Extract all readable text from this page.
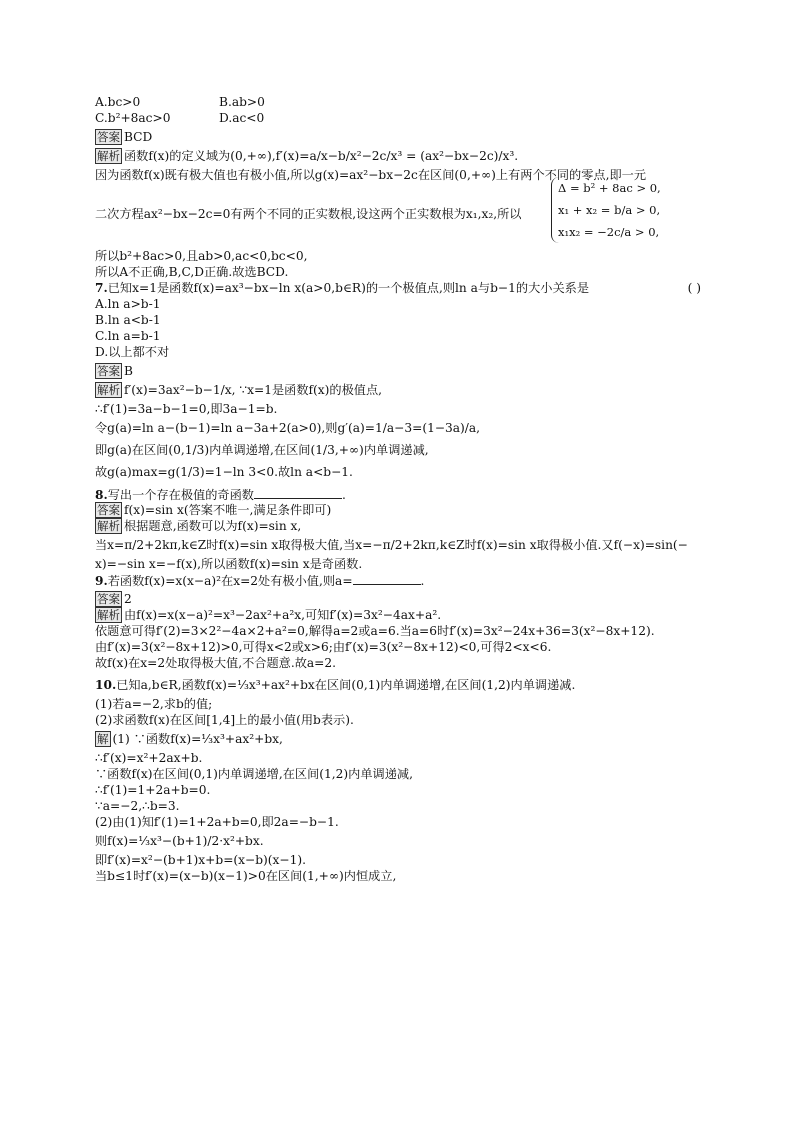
A.bc>0	B.ab>0
C.b²+8ac>0	D.ac<0
答案 BCD
解析 函数f(x)的定义域为(0,+∞),f′(x)=a/x−b/x²−2c/x³ = (ax²−bx−2c)/x³.
因为函数f(x)既有极大值也有极小值,所以g(x)=ax²−bx−2c在区间(0,+∞)上有两个不同的零点,即一元
二次方程ax²−bx−2c=0有两个不同的正实数根,设这两个正实数根为x₁,x₂,所以
Δ = b² + 8ac > 0,
x₁ + x₂ = b/a > 0,
x₁x₂ = −2c/a > 0,
所以b²+8ac>0,且ab>0,ac<0,bc<0,
所以A不正确,B,C,D正确.故选BCD.
7.已知x=1是函数f(x)=ax³−bx−ln x(a>0,b∈R)的一个极值点,则ln a与b−1的大小关系是	( )
A.ln a>b-1
B.ln a<b-1
C.ln a=b-1
D.以上都不对
答案 B
解析 f′(x)=3ax²−b−1/x, ∵x=1是函数f(x)的极值点,
∴f′(1)=3a−b−1=0,即3a−1=b.
令g(a)=ln a−(b−1)=ln a−3a+2(a>0),则g′(a)=1/a−3=(1−3a)/a,
即g(a)在区间(0,1/3)内单调递增,在区间(1/3,+∞)内单调递减,
故g(a)max=g(1/3)=1−ln 3<0.故ln a<b−1.
8.写出一个存在极值的奇函数	.
答案 f(x)=sin x(答案不唯一,满足条件即可)
解析 根据题意,函数可以为f(x)=sin x,
当x=π/2+2kπ,k∈Z时f(x)=sin x取得极大值,当x=−π/2+2kπ,k∈Z时f(x)=sin x取得极小值.又f(−x)=sin(−
x)=−sin x=−f(x),所以函数f(x)=sin x是奇函数.
9.若函数f(x)=x(x−a)²在x=2处有极小值,则a=	.
答案 2
解析 由f(x)=x(x−a)²=x³−2ax²+a²x,可知f′(x)=3x²−4ax+a².
依题意可得f′(2)=3×2²−4a×2+a²=0,解得a=2或a=6.当a=6时f′(x)=3x²−24x+36=3(x²−8x+12).
由f′(x)=3(x²−8x+12)>0,可得x<2或x>6;由f′(x)=3(x²−8x+12)<0,可得2<x<6.
故f(x)在x=2处取得极大值,不合题意.故a=2.
10.已知a,b∈R,函数f(x)=⅓x³+ax²+bx在区间(0,1)内单调递增,在区间(1,2)内单调递减.
(1)若a=−2,求b的值;
(2)求函数f(x)在区间[1,4]上的最小值(用b表示).
解 (1) ∵函数f(x)=⅓x³+ax²+bx,
∴f′(x)=x²+2ax+b.
∵函数f(x)在区间(0,1)内单调递增,在区间(1,2)内单调递减,
∴f′(1)=1+2a+b=0.
∵a=−2,∴b=3.
(2)由(1)知f′(1)=1+2a+b=0,即2a=−b−1.
则f(x)=⅓x³−(b+1)/2·x²+bx.
即f′(x)=x²−(b+1)x+b=(x−b)(x−1).
当b≤1时f′(x)=(x−b)(x−1)>0在区间(1,+∞)内恒成立,
